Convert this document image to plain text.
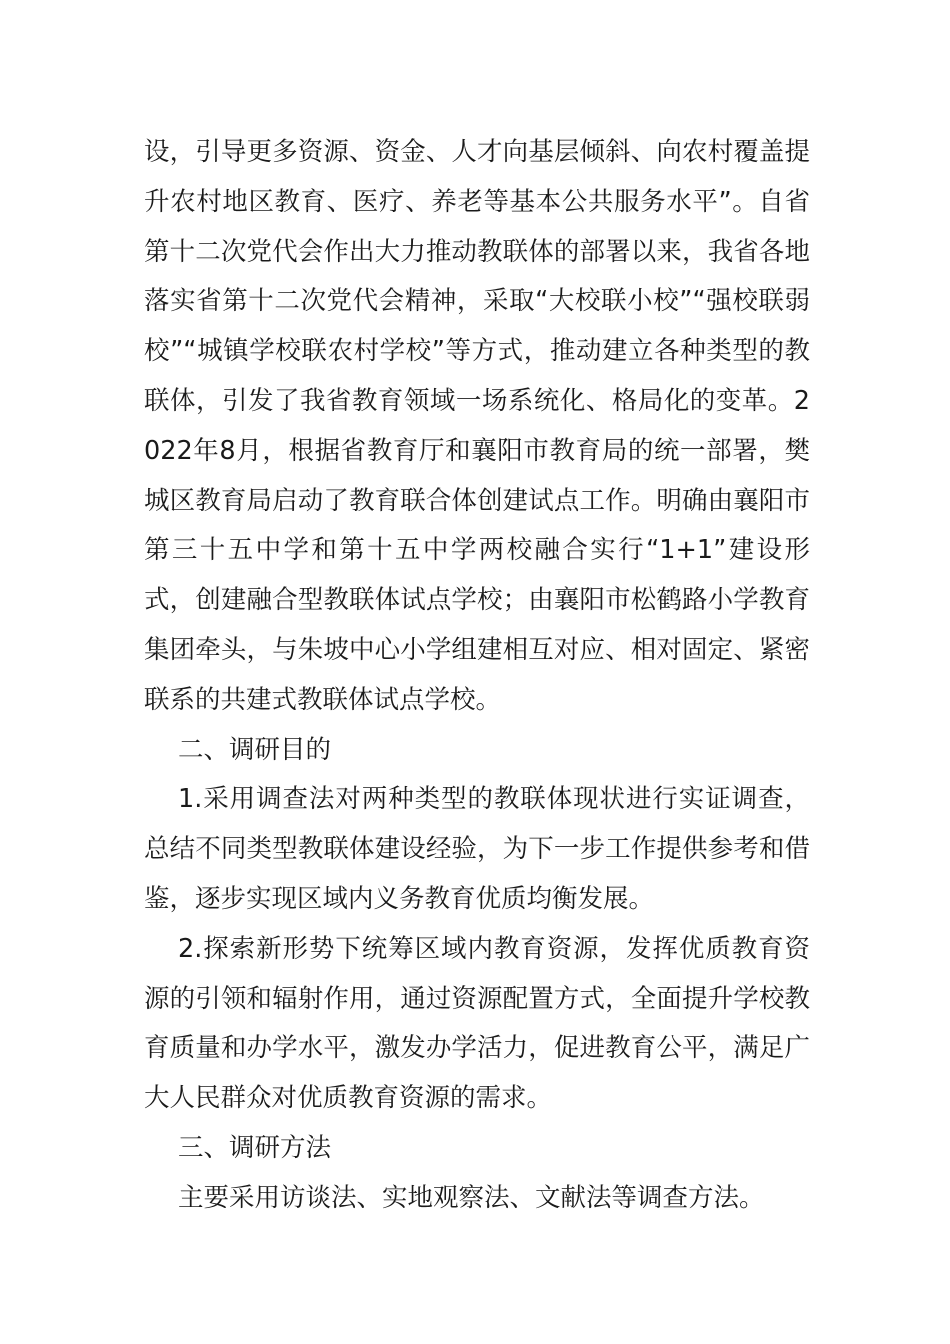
设，引导更多资源、资金、人才向基层倾斜、向农村覆盖提升农村地区教育、医疗、养老等基本公共服务水平”。自省第十二次党代会作出大力推动教联体的部署以来，我省各地落实省第十二次党代会精神，采取“大校联小校”“强校联弱校”“城镇学校联农村学校”等方式，推动建立各种类型的教联体，引发了我省教育领域一场系统化、格局化的变革。2022年8月，根据省教育厅和襄阳市教育局的统一部署，樊城区教育局启动了教育联合体创建试点工作。明确由襄阳市第三十五中学和第十五中学两校融合实行“1+1”建设形式，创建融合型教联体试点学校；由襄阳市松鹤路小学教育集团牵头，与朱坡中心小学组建相互对应、相对固定、紧密联系的共建式教联体试点学校。

二、调研目的

1.采用调查法对两种类型的教联体现状进行实证调查，总结不同类型教联体建设经验，为下一步工作提供参考和借鉴，逐步实现区域内义务教育优质均衡发展。

2.探索新形势下统筹区域内教育资源，发挥优质教育资源的引领和辐射作用，通过资源配置方式，全面提升学校教育质量和办学水平，激发办学活力，促进教育公平，满足广大人民群众对优质教育资源的需求。

三、调研方法

主要采用访谈法、实地观察法、文献法等调查方法。
